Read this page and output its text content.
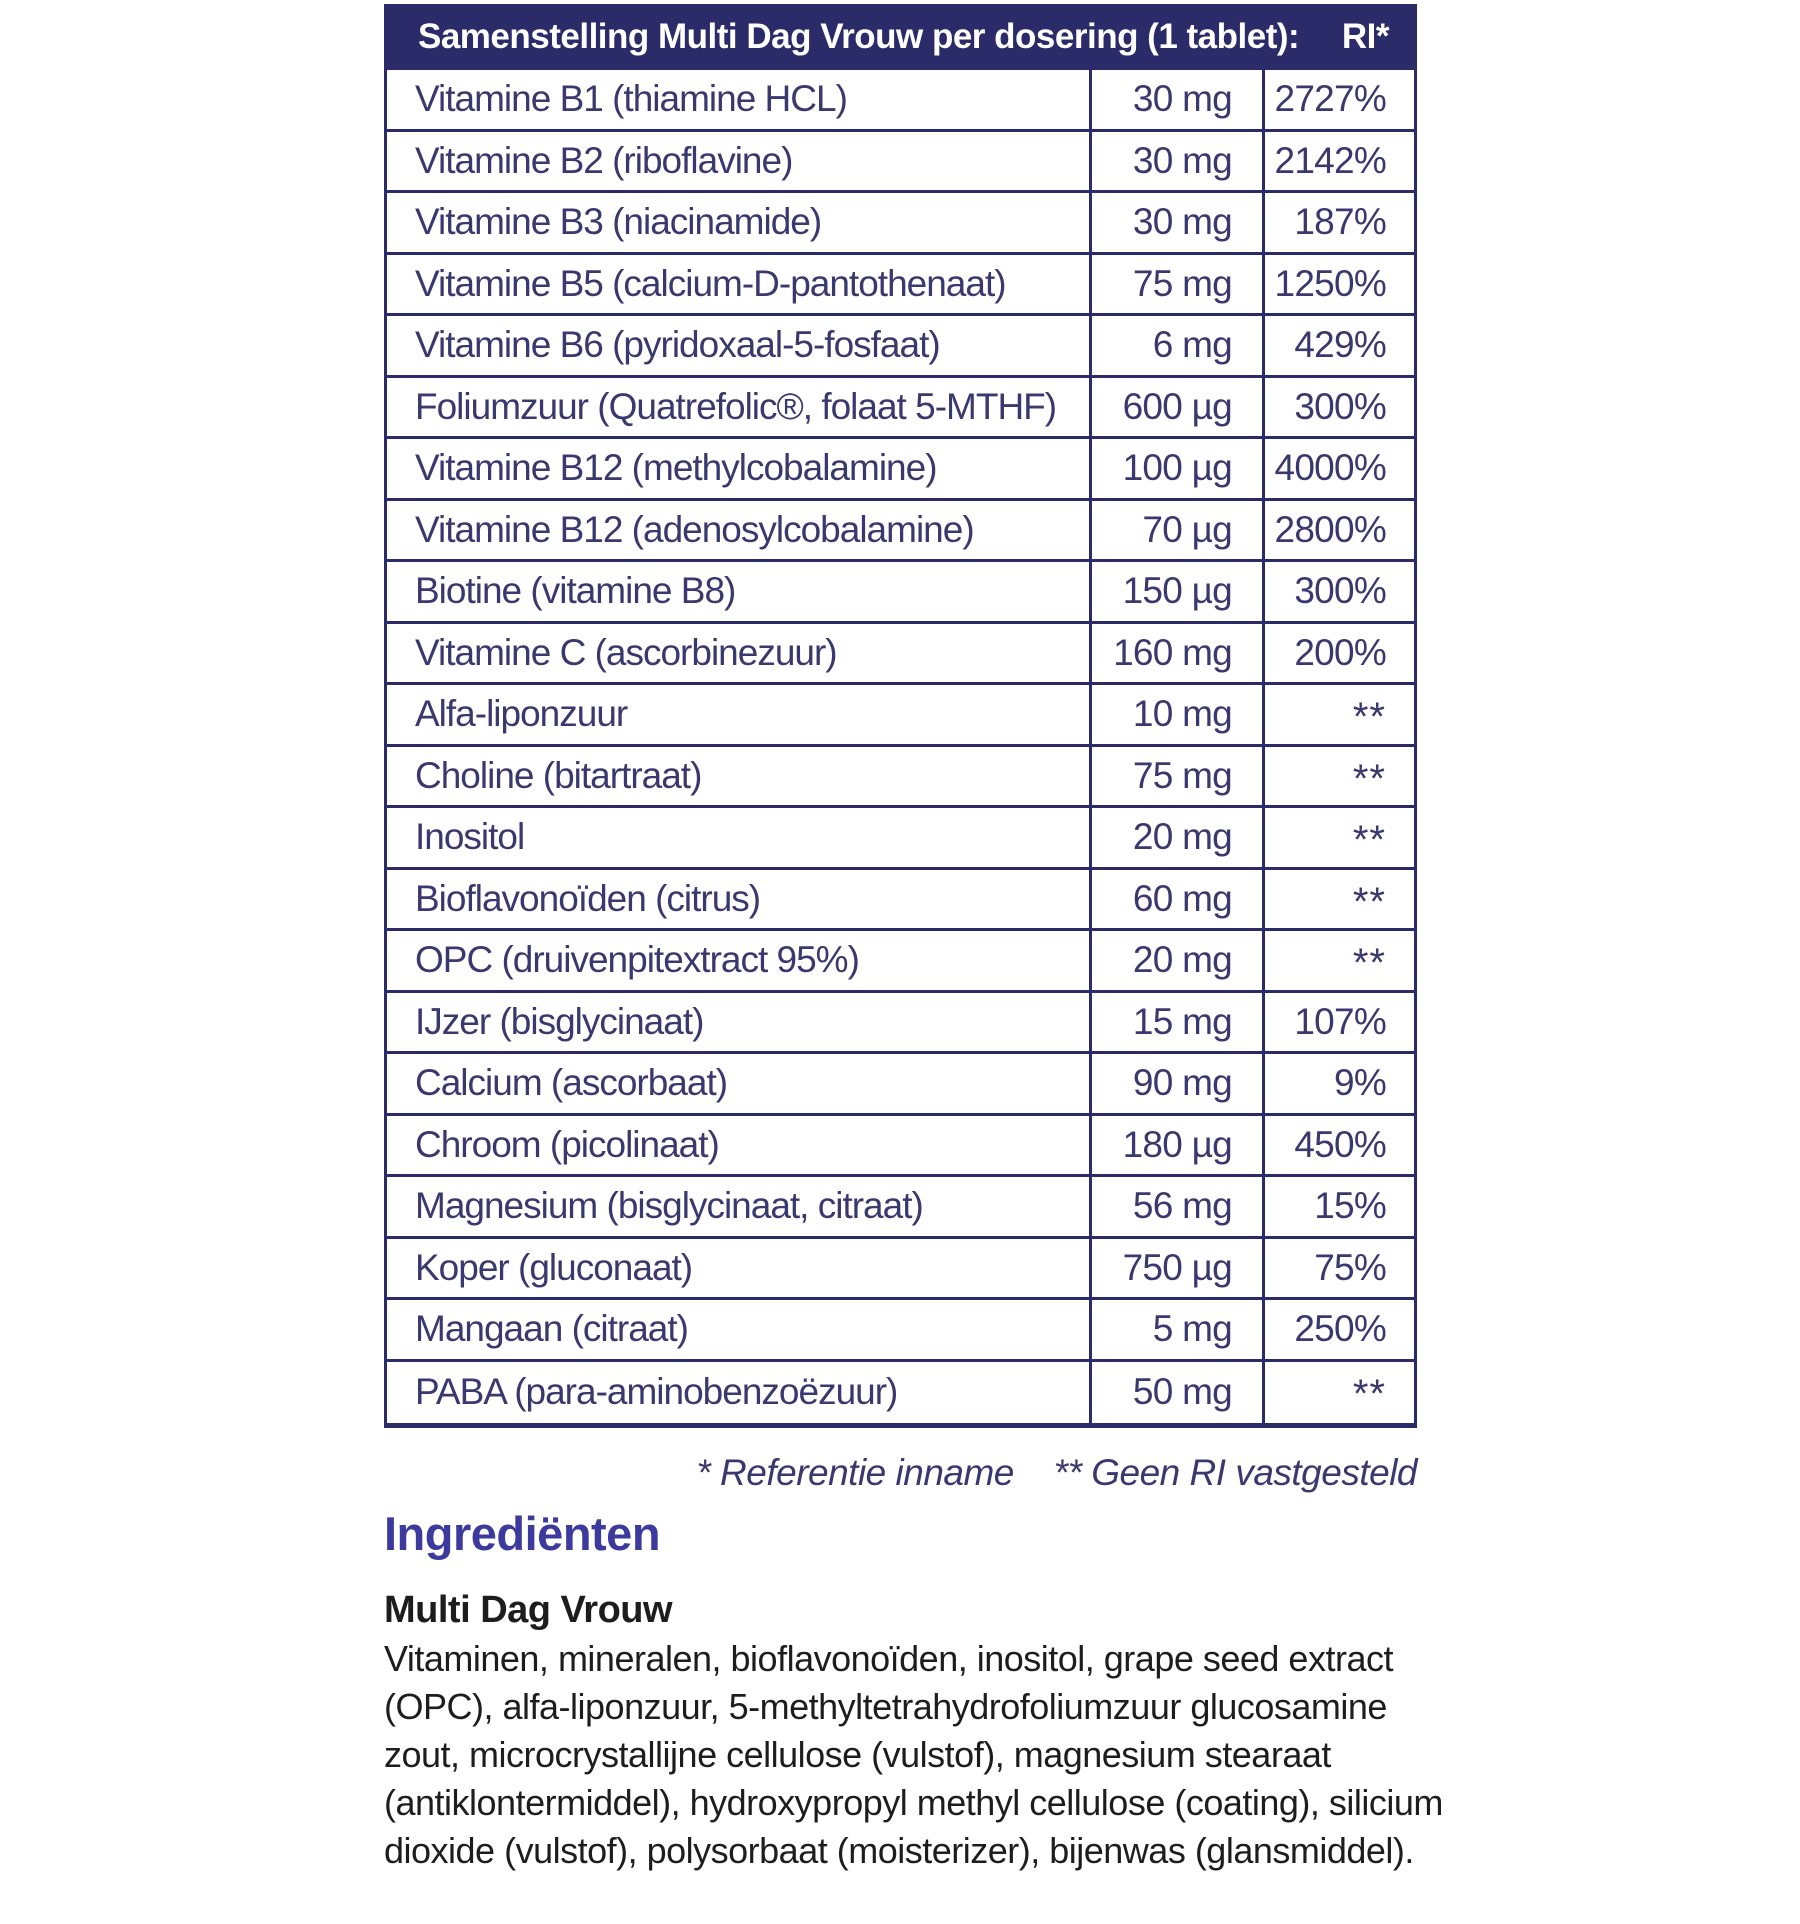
Samenstelling Multi Dag Vrouw per dosering (1 tablet): RI*
Vitamine B1 (thiamine HCL)	30 mg	2727%
Vitamine B2 (riboflavine)	30 mg	2142%
Vitamine B3 (niacinamide)	30 mg	187%
Vitamine B5 (calcium-D-pantothenaat)	75 mg	1250%
Vitamine B6 (pyridoxaal-5-fosfaat)	6 mg	429%
Foliumzuur (Quatrefolic®, folaat 5-MTHF)	600 µg	300%
Vitamine B12 (methylcobalamine)	100 µg	4000%
Vitamine B12 (adenosylcobalamine)	70 µg	2800%
Biotine (vitamine B8)	150 µg	300%
Vitamine C (ascorbinezuur)	160 mg	200%
Alfa-liponzuur	10 mg	**
Choline (bitartraat)	75 mg	**
Inositol	20 mg	**
Bioflavonoïden (citrus)	60 mg	**
OPC (druivenpitextract 95%)	20 mg	**
IJzer (bisglycinaat)	15 mg	107%
Calcium (ascorbaat)	90 mg	9%
Chroom (picolinaat)	180 µg	450%
Magnesium (bisglycinaat, citraat)	56 mg	15%
Koper (gluconaat)	750 µg	75%
Mangaan (citraat)	5 mg	250%
PABA (para-aminobenzoëzuur)	50 mg	**
* Referentie inname ** Geen RI vastgesteld
Ingrediënten
Multi Dag Vrouw
Vitaminen, mineralen, bioflavonoïden, inositol, grape seed extract
(OPC), alfa-liponzuur, 5-methyltetrahydrofoliumzuur glucosamine
zout, microcrystallijne cellulose (vulstof), magnesium stearaat
(antiklontermiddel), hydroxypropyl methyl cellulose (coating), silicium
dioxide (vulstof), polysorbaat (moisterizer), bijenwas (glansmiddel).
